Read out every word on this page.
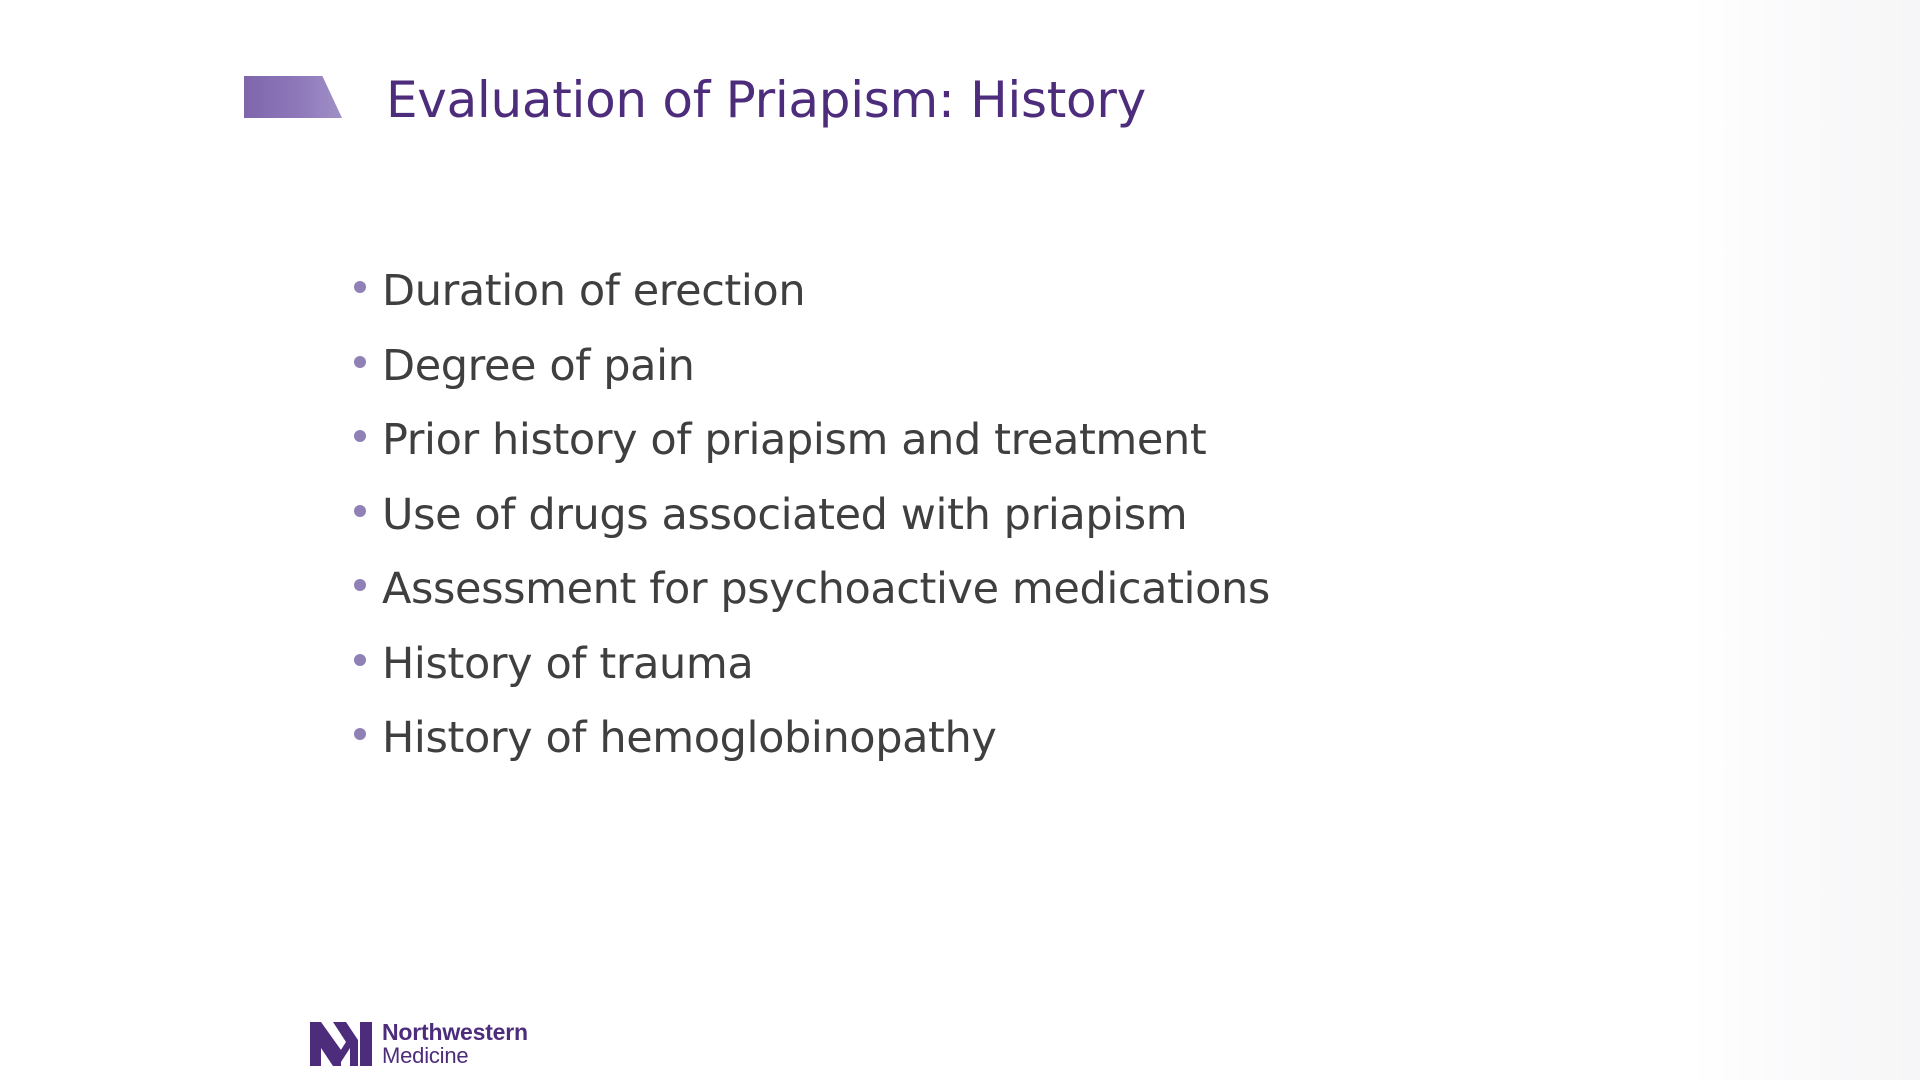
Evaluation of Priapism: History
Duration of erection
Degree of pain
Prior history of priapism and treatment
Use of drugs associated with priapism
Assessment for psychoactive medications
History of trauma
History of hemoglobinopathy
Northwestern
Medicine
